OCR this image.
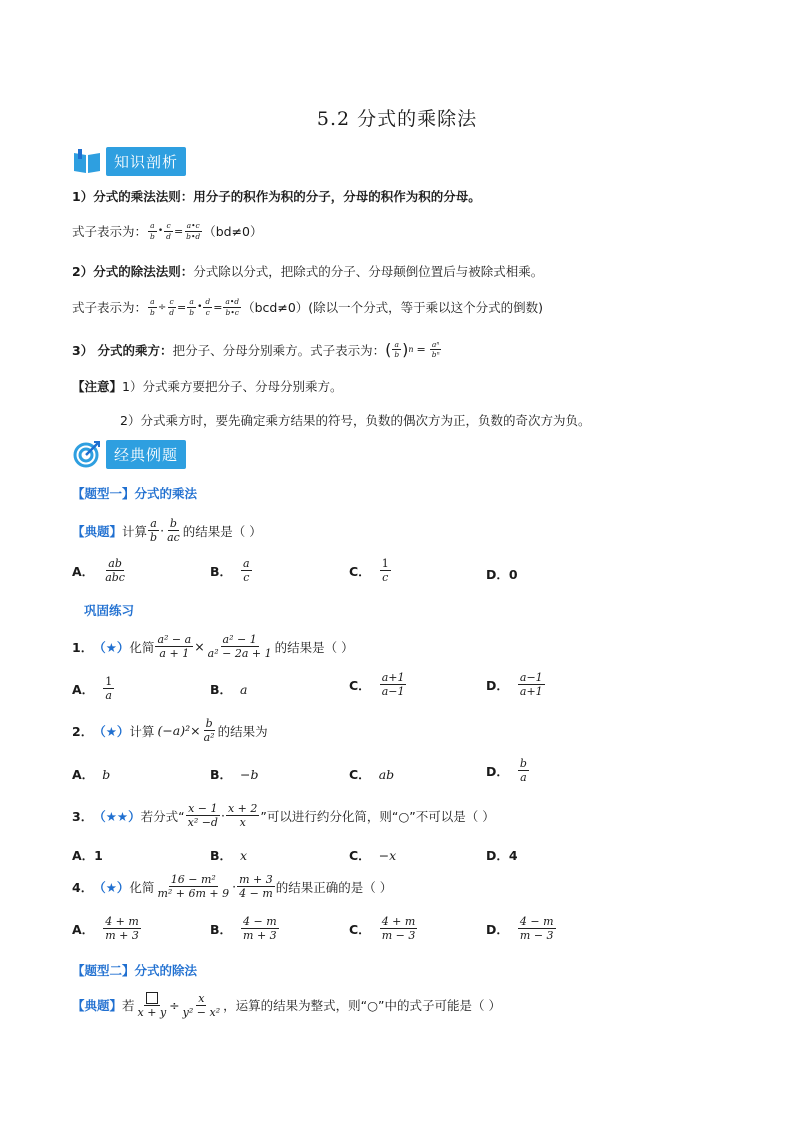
5.2 分式的乘除法
知识剖析
1）分式的乘法法则：用分子的积作为积的分子，分母的积作为积的分母。
式子表示为： $\frac{a}{b}$ • $\frac{c}{d} = \frac{a•c}{b•d} (bd\ne 0)$
2）分式的除法法则：分式除以分式，把除式的分子、分母颠倒位置后与被除式相乘。
式子表示为： $\frac{a}{b} \div \frac{c}{d} = \frac{a}{b}$ • $\frac{d}{c} = \frac{a•d}{b•c} (bcd\ne 0)$(除以一个分式，等于乘以这个分式的倒数)
3） 分式的乘方： 把分子、分母分别乘方。式子表示为： ( $\frac{a}{b}$ ) $n = \frac{\text{aⁿ}}{\text{bⁿ}}$
【注意】1）分式乘方要把分子、分母分别乘方。
2）分式乘方时，要先确定乘方结果的符号，负数的偶次方为正，负数的奇次方为负。
经典例题
【题型一】分式的乘法
【典题】 计算 $\frac{a}{b} \cdot \frac{b}{ac}$ 的结果是（ ）
A． $\frac{ab}{\text{abc}}$	B． $\frac{a}{c}$	C． $\frac{1}{c}$	D．0
巩固练习
1． （★） 化简 $\frac{\text{a² − a}}{a + 1} \times \frac{\text{a² − 1}}{\text{a² − 2a + 1}}$ 的结果是（ ）
A． $\frac{1}{a}$	B． a	C． $\frac{a+1}{a-1}$	D． $\frac{a-1}{a+1}$
2． （★） 计算 $(-a)^2\times \frac{b}{\text{a²}}$ 的结果为
A． b	B． −b	C． ab	D． $\frac{b}{a}$
3． （★★） 若分式“ $\frac{x - 1}{\text{x² −d}} \cdot \frac{x + 2}{x}$ ”可以进行约分化简，则“○”不可以是（ ）
A．1	B． x	C． −x	D．4
4． （★） 化简 $\frac{\text{16 − m²}}{\text{m² + 6m + 9}} \cdot \frac{m + 3}{4 - m}$ 的结果正确的是（ ）
A． $\frac{4 + m}{m + 3}$	B． $\frac{4 - m}{m + 3}$	C． $\frac{4 + m}{m - 3}$	D． $\frac{4 - m}{m - 3}$
【题型二】分式的除法
【典题】 若 $x + y \div \frac{x}{\text{y² − x²}}$ ，运算的结果为整式，则“○”中的式子可能是（ ）
